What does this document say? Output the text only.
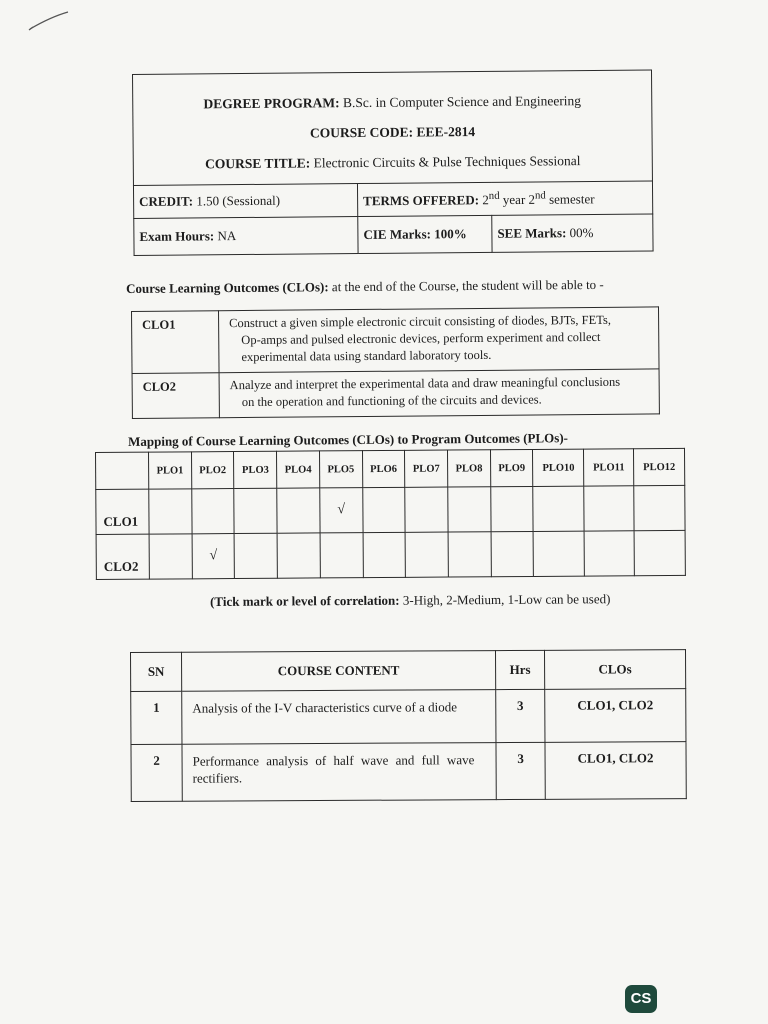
DEGREE PROGRAM: B.Sc. in Computer Science and Engineering
COURSE CODE: EEE-2814
COURSE TITLE: Electronic Circuits & Pulse Techniques Sessional		

CREDIT: 1.50 (Sessional)	TERMS OFFERED: 2nd year 2nd semester	
Exam Hours: NA	CIE Marks: 100%	SEE Marks: 00%
Course Learning Outcomes (CLOs): at the end of the Course, the student will be able to -
CLO1	Construct a given simple electronic circuit consisting of diodes, BJTs, FETs,
Op-amps and pulsed electronic devices, perform experiment and collect
experimental data using standard laboratory tools.
CLO2	Analyze and interpret the experimental data and draw meaningful conclusions
on the operation and functioning of the circuits and devices.
Mapping of Course Learning Outcomes (CLOs) to Program Outcomes (PLOs)-
	PLO1	PLO2	PLO3	PLO4	PLO5	PLO6	PLO7	PLO8	PLO9	PLO10	PLO11	PLO12
CLO1					√							
CLO2		√										
(Tick mark or level of correlation: 3-High, 2-Medium, 1-Low can be used)
SN	COURSE CONTENT	Hrs	CLOs
1	Analysis of the I-V characteristics curve of a diode	3	CLO1, CLO2
2	Performance analysis of half wave and full wave
rectifiers.	3	CLO1, CLO2
CS
